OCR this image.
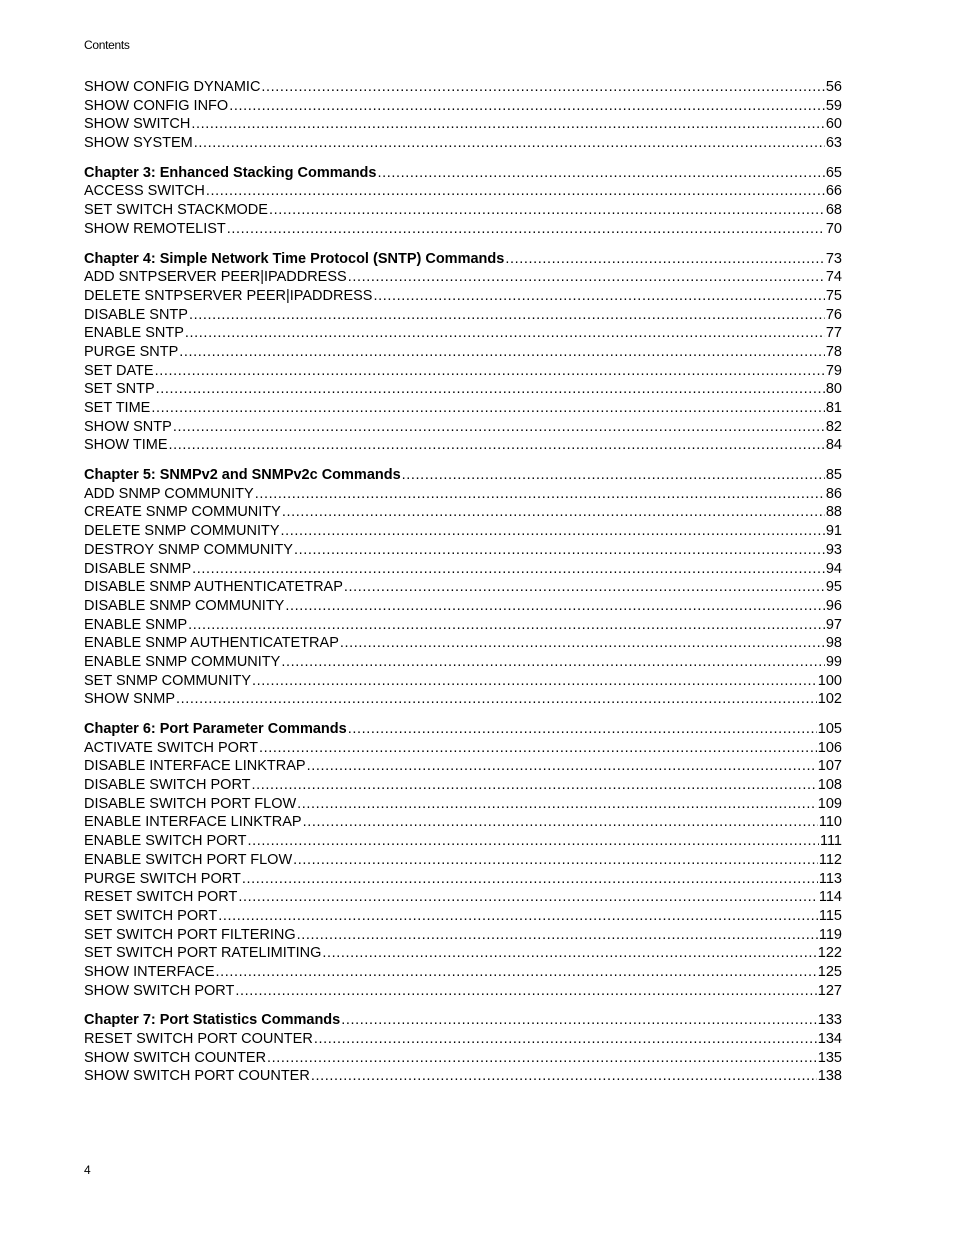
Contents
SHOW CONFIG DYNAMIC .....	56
SHOW CONFIG INFO .....	59
SHOW SWITCH .....	60
SHOW SYSTEM .....	63
Chapter 3: Enhanced Stacking Commands .....	65
ACCESS SWITCH .....	66
SET SWITCH STACKMODE .....	68
SHOW REMOTELIST .....	70
Chapter 4: Simple Network Time Protocol (SNTP) Commands .....	73
ADD SNTPSERVER PEER|IPADDRESS .....	74
DELETE SNTPSERVER PEER|IPADDRESS .....	75
DISABLE SNTP .....	76
ENABLE SNTP .....	77
PURGE SNTP .....	78
SET DATE .....	79
SET SNTP .....	80
SET TIME .....	81
SHOW SNTP .....	82
SHOW TIME .....	84
Chapter 5: SNMPv2 and SNMPv2c Commands .....	85
ADD SNMP COMMUNITY .....	86
CREATE SNMP COMMUNITY .....	88
DELETE SNMP COMMUNITY .....	91
DESTROY SNMP COMMUNITY .....	93
DISABLE SNMP .....	94
DISABLE SNMP AUTHENTICATETRAP .....	95
DISABLE SNMP COMMUNITY .....	96
ENABLE SNMP .....	97
ENABLE SNMP AUTHENTICATETRAP .....	98
ENABLE SNMP COMMUNITY .....	99
SET SNMP COMMUNITY .....	100
SHOW SNMP .....	102
Chapter 6: Port Parameter Commands .....	105
ACTIVATE SWITCH PORT .....	106
DISABLE INTERFACE LINKTRAP .....	107
DISABLE SWITCH PORT .....	108
DISABLE SWITCH PORT FLOW .....	109
ENABLE INTERFACE LINKTRAP .....	110
ENABLE SWITCH PORT .....	111
ENABLE SWITCH PORT FLOW .....	112
PURGE SWITCH PORT .....	113
RESET SWITCH PORT .....	114
SET SWITCH PORT .....	115
SET SWITCH PORT FILTERING .....	119
SET SWITCH PORT RATELIMITING .....	122
SHOW INTERFACE .....	125
SHOW SWITCH PORT .....	127
Chapter 7: Port Statistics Commands .....	133
RESET SWITCH PORT COUNTER .....	134
SHOW SWITCH COUNTER .....	135
SHOW SWITCH PORT COUNTER .....	138
4
